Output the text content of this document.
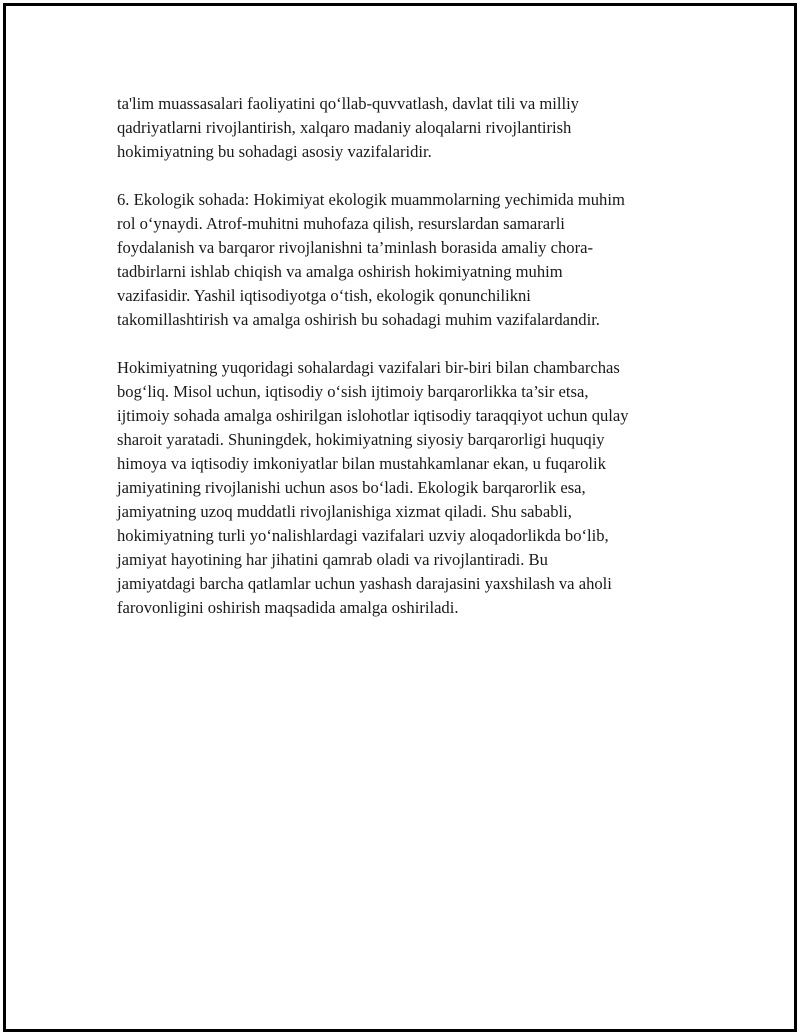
ta'lim muassasalari faoliyatini qo‘llab-quvvatlash, davlat tili va milliy
qadriyatlarni rivojlantirish, xalqaro madaniy aloqalarni rivojlantirish
hokimiyatning bu sohadagi asosiy vazifalaridir.

6. Ekologik sohada: Hokimiyat ekologik muammolarning yechimida muhim
rol o‘ynaydi. Atrof-muhitni muhofaza qilish, resurslardan samararli
foydalanish va barqaror rivojlanishni ta’minlash borasida amaliy chora-
tadbirlarni ishlab chiqish va amalga oshirish hokimiyatning muhim
vazifasidir. Yashil iqtisodiyotga o‘tish, ekologik qonunchilikni
takomillashtirish va amalga oshirish bu sohadagi muhim vazifalardandir.

Hokimiyatning yuqoridagi sohalardagi vazifalari bir-biri bilan chambarchas
bog‘liq. Misol uchun, iqtisodiy o‘sish ijtimoiy barqarorlikka ta’sir etsa,
ijtimoiy sohada amalga oshirilgan islohotlar iqtisodiy taraqqiyot uchun qulay
sharoit yaratadi. Shuningdek, hokimiyatning siyosiy barqarorligi huquqiy
himoya va iqtisodiy imkoniyatlar bilan mustahkamlanar ekan, u fuqarolik
jamiyatining rivojlanishi uchun asos bo‘ladi. Ekologik barqarorlik esa,
jamiyatning uzoq muddatli rivojlanishiga xizmat qiladi. Shu sababli,
hokimiyatning turli yo‘nalishlardagi vazifalari uzviy aloqadorlikda bo‘lib,
jamiyat hayotining har jihatini qamrab oladi va rivojlantiradi. Bu
jamiyatdagi barcha qatlamlar uchun yashash darajasini yaxshilash va aholi
farovonligini oshirish maqsadida amalga oshiriladi.
